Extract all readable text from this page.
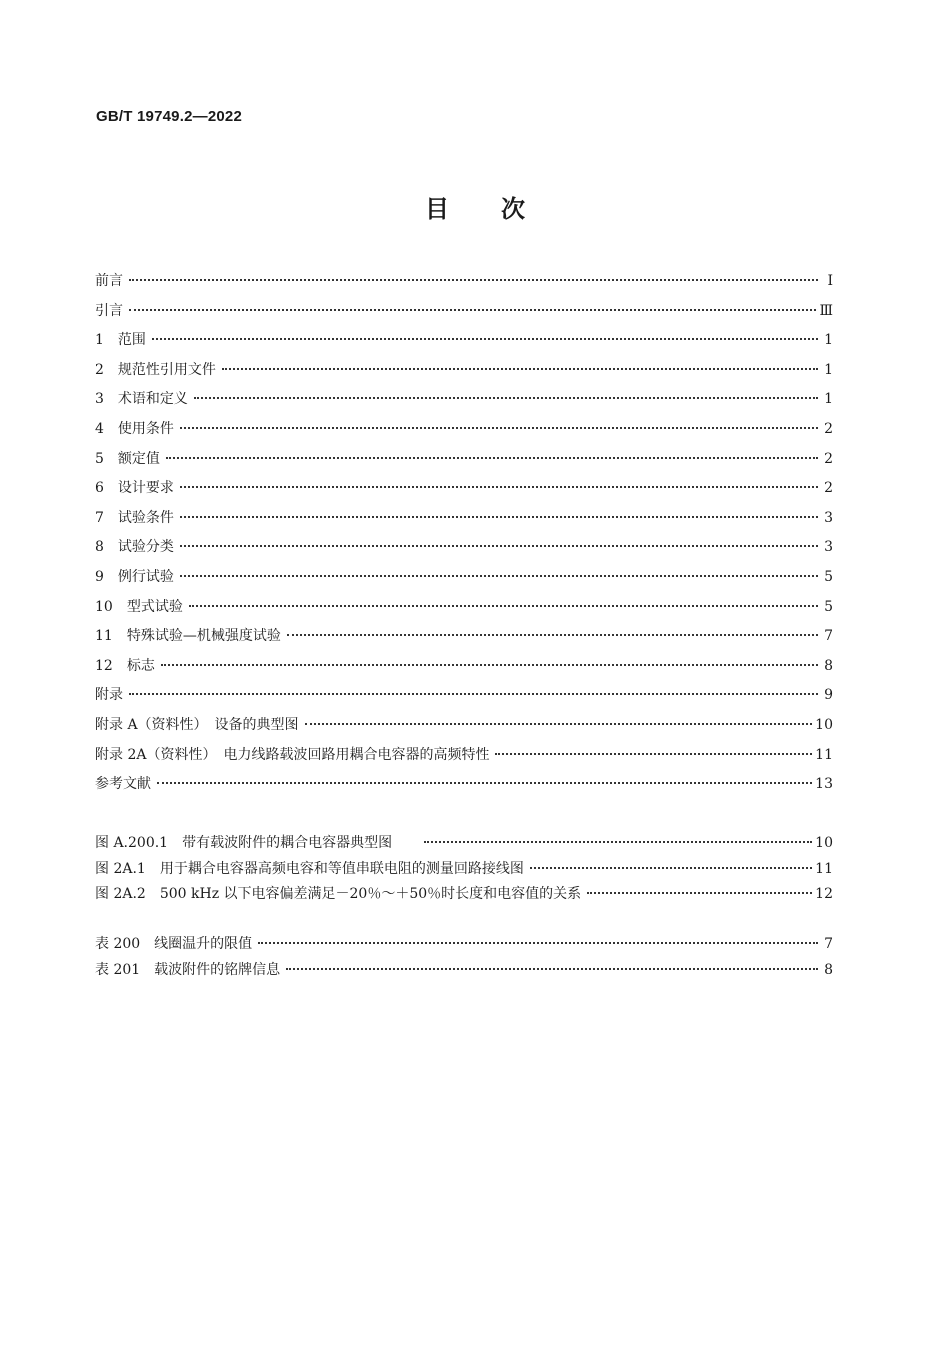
GB/T 19749.2—2022
目次
前言	Ⅰ
引言	Ⅲ
1　范围	1
2　规范性引用文件	1
3　术语和定义	1
4　使用条件	2
5　额定值	2
6　设计要求	2
7　试验条件	3
8　试验分类	3
9　例行试验	5
10　型式试验	5
11　特殊试验—机械强度试验	7
12　标志	8
附录	9
附录 A（资料性）　设备的典型图	10
附录 2A（资料性）　电力线路载波回路用耦合电容器的高频特性	11
参考文献	13
图 A.200.1　带有载波附件的耦合电容器典型图	10
图 2A.1　用于耦合电容器高频电容和等值串联电阻的测量回路接线图	11
图 2A.2　500 kHz 以下电容偏差满足－20％～＋50％时长度和电容值的关系	12
表 200　线圈温升的限值	7
表 201　载波附件的铭牌信息	8
